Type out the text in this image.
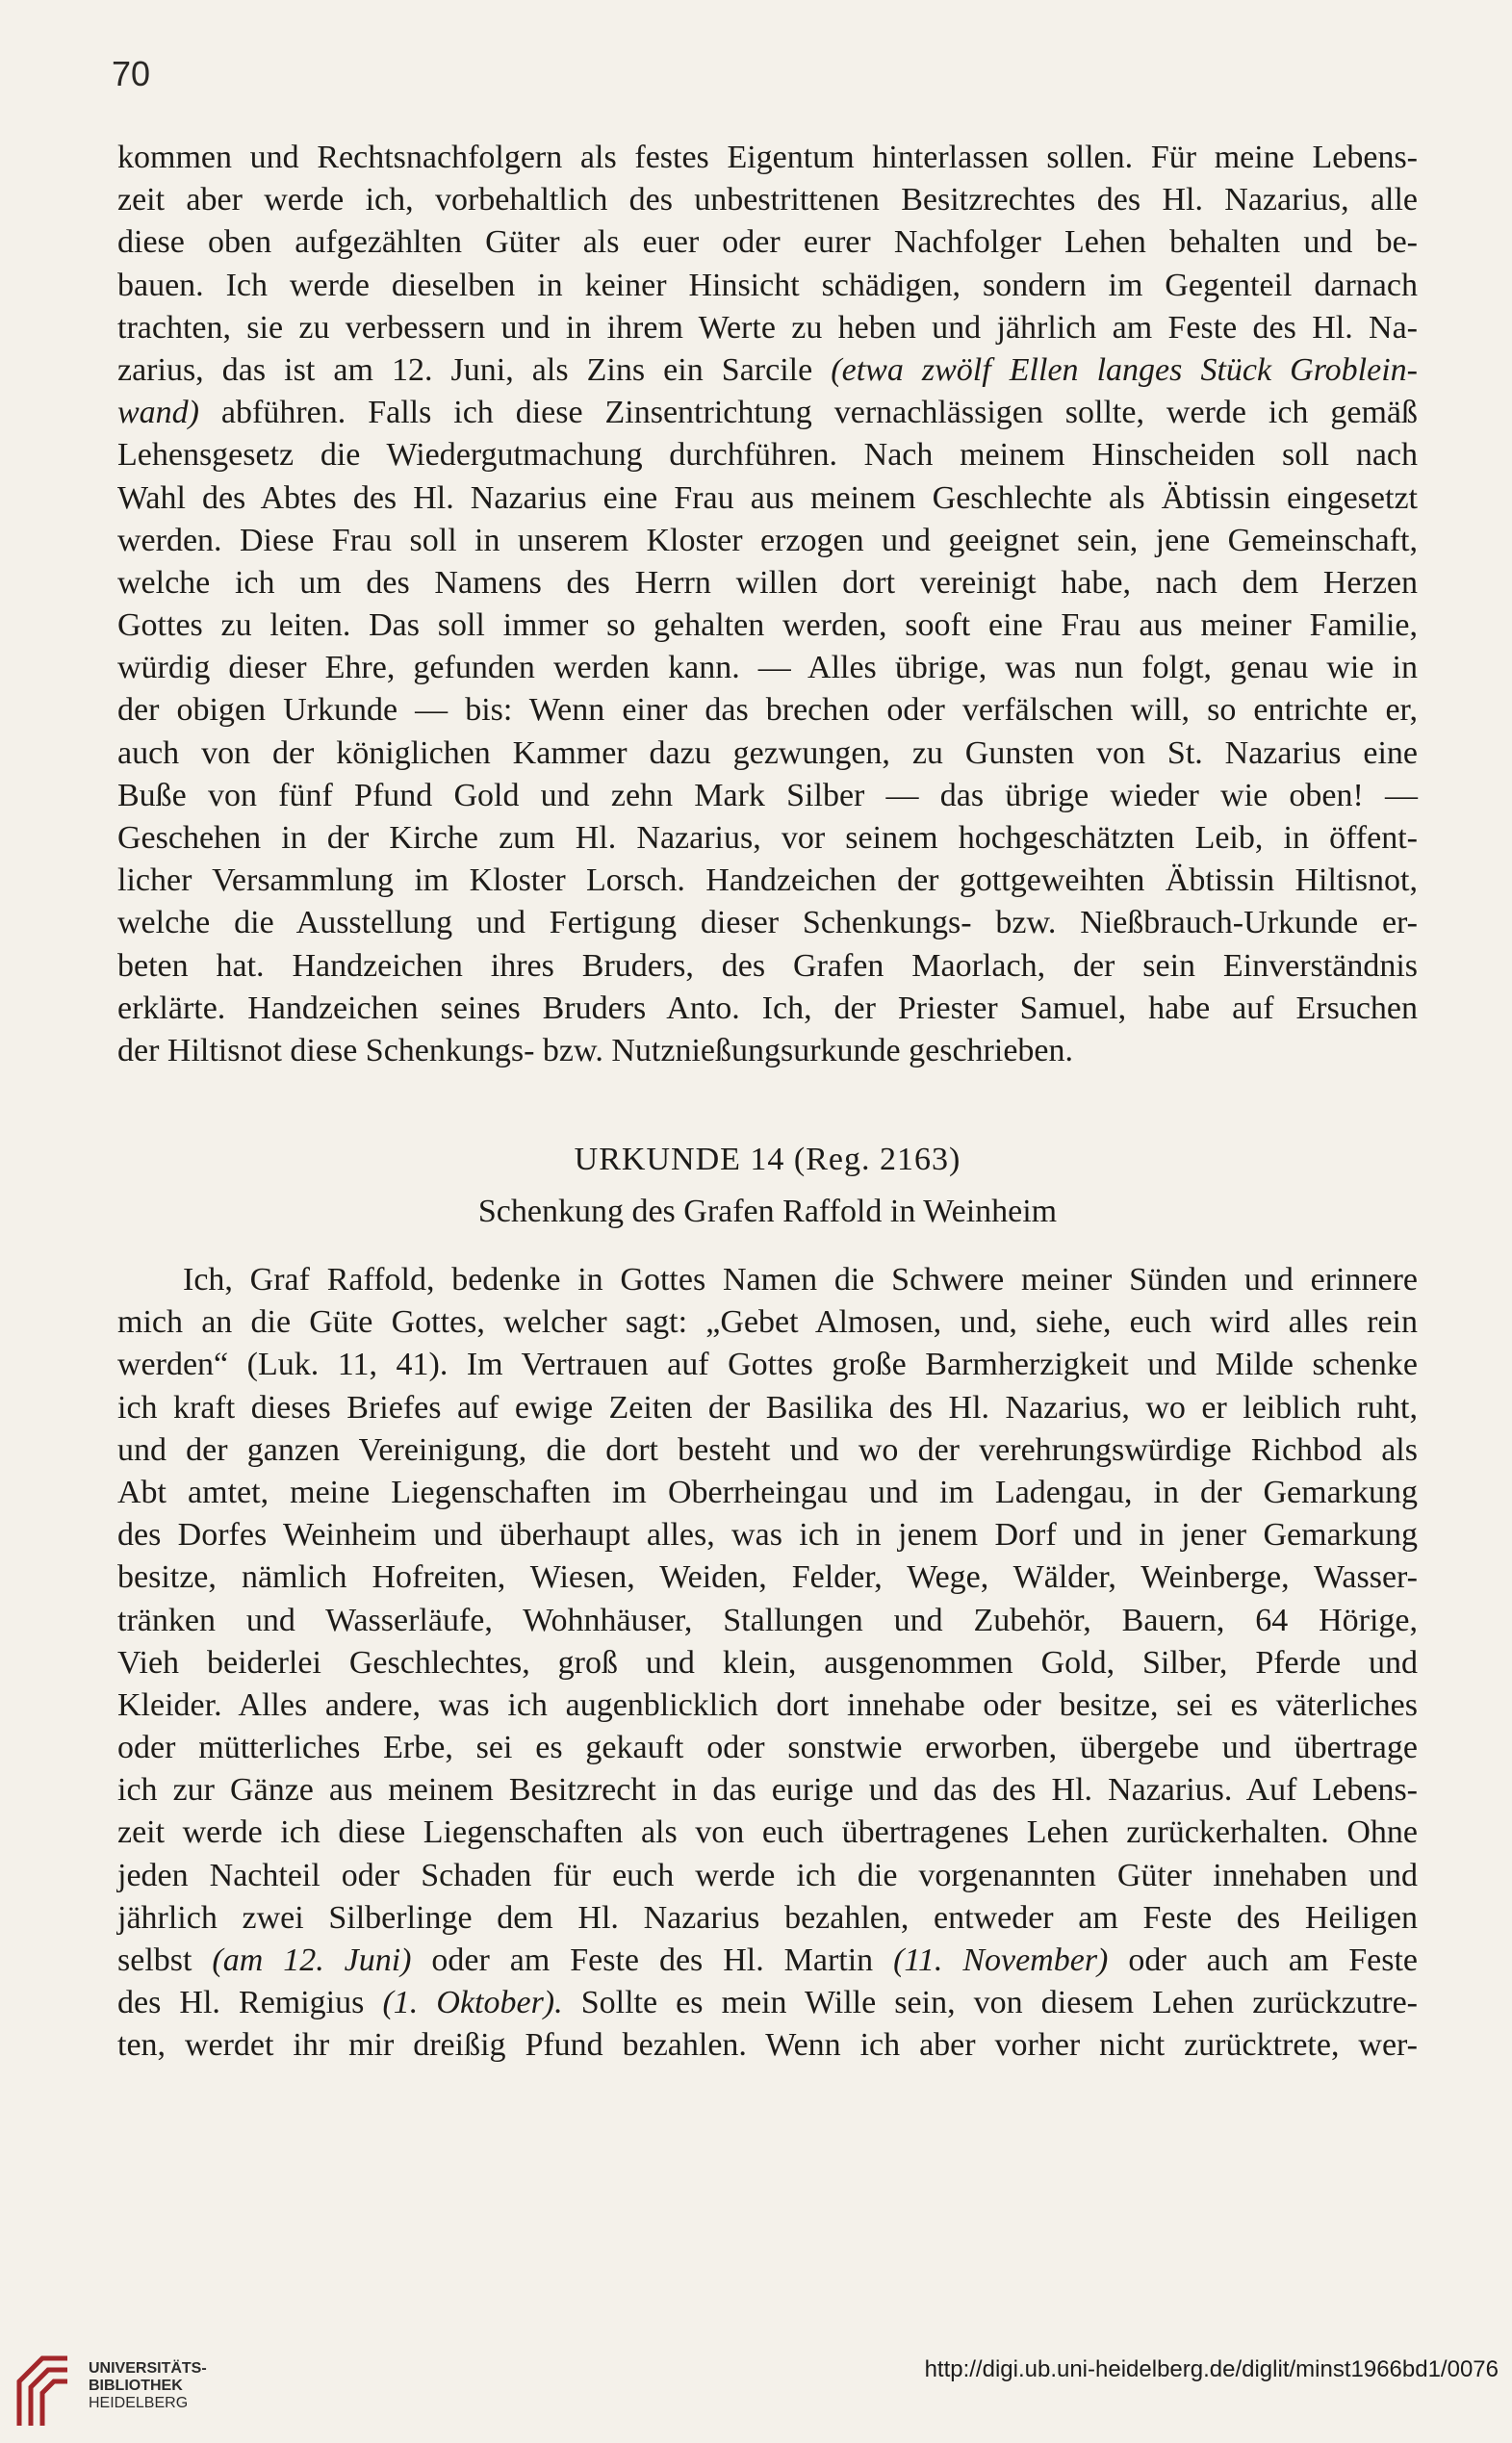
70
kommen und Rechtsnachfolgern als festes Eigentum hinterlassen sollen. Für meine Lebens-
zeit aber werde ich, vorbehaltlich des unbestrittenen Besitzrechtes des Hl. Nazarius, alle
diese oben aufgezählten Güter als euer oder eurer Nachfolger Lehen behalten und be-
bauen. Ich werde dieselben in keiner Hinsicht schädigen, sondern im Gegenteil darnach
trachten, sie zu verbessern und in ihrem Werte zu heben und jährlich am Feste des Hl. Na-
zarius, das ist am 12. Juni, als Zins ein Sarcile (etwa zwölf Ellen langes Stück Groblein-
wand) abführen. Falls ich diese Zinsentrichtung vernachlässigen sollte, werde ich gemäß
Lehensgesetz die Wiedergutmachung durchführen. Nach meinem Hinscheiden soll nach
Wahl des Abtes des Hl. Nazarius eine Frau aus meinem Geschlechte als Äbtissin eingesetzt
werden. Diese Frau soll in unserem Kloster erzogen und geeignet sein, jene Gemeinschaft,
welche ich um des Namens des Herrn willen dort vereinigt habe, nach dem Herzen
Gottes zu leiten. Das soll immer so gehalten werden, sooft eine Frau aus meiner Familie,
würdig dieser Ehre, gefunden werden kann. — Alles übrige, was nun folgt, genau wie in
der obigen Urkunde — bis: Wenn einer das brechen oder verfälschen will, so entrichte er,
auch von der königlichen Kammer dazu gezwungen, zu Gunsten von St. Nazarius eine
Buße von fünf Pfund Gold und zehn Mark Silber — das übrige wieder wie oben! —
Geschehen in der Kirche zum Hl. Nazarius, vor seinem hochgeschätzten Leib, in öffent-
licher Versammlung im Kloster Lorsch. Handzeichen der gottgeweihten Äbtissin Hiltisnot,
welche die Ausstellung und Fertigung dieser Schenkungs- bzw. Nießbrauch-Urkunde er-
beten hat. Handzeichen ihres Bruders, des Grafen Maorlach, der sein Einverständnis
erklärte. Handzeichen seines Bruders Anto. Ich, der Priester Samuel, habe auf Ersuchen
der Hiltisnot diese Schenkungs- bzw. Nutznießungsurkunde geschrieben.
URKUNDE 14 (Reg. 2163)
Schenkung des Grafen Raffold in Weinheim
Ich, Graf Raffold, bedenke in Gottes Namen die Schwere meiner Sünden und erinnere
mich an die Güte Gottes, welcher sagt: „Gebet Almosen, und, siehe, euch wird alles rein
werden“ (Luk. 11, 41). Im Vertrauen auf Gottes große Barmherzigkeit und Milde schenke
ich kraft dieses Briefes auf ewige Zeiten der Basilika des Hl. Nazarius, wo er leiblich ruht,
und der ganzen Vereinigung, die dort besteht und wo der verehrungswürdige Richbod als
Abt amtet, meine Liegenschaften im Oberrheingau und im Ladengau, in der Gemarkung
des Dorfes Weinheim und überhaupt alles, was ich in jenem Dorf und in jener Gemarkung
besitze, nämlich Hofreiten, Wiesen, Weiden, Felder, Wege, Wälder, Weinberge, Wasser-
tränken und Wasserläufe, Wohnhäuser, Stallungen und Zubehör, Bauern, 64 Hörige,
Vieh beiderlei Geschlechtes, groß und klein, ausgenommen Gold, Silber, Pferde und
Kleider. Alles andere, was ich augenblicklich dort innehabe oder besitze, sei es väterliches
oder mütterliches Erbe, sei es gekauft oder sonstwie erworben, übergebe und übertrage
ich zur Gänze aus meinem Besitzrecht in das eurige und das des Hl. Nazarius. Auf Lebens-
zeit werde ich diese Liegenschaften als von euch übertragenes Lehen zurückerhalten. Ohne
jeden Nachteil oder Schaden für euch werde ich die vorgenannten Güter innehaben und
jährlich zwei Silberlinge dem Hl. Nazarius bezahlen, entweder am Feste des Heiligen
selbst (am 12. Juni) oder am Feste des Hl. Martin (11. November) oder auch am Feste
des Hl. Remigius (1. Oktober). Sollte es mein Wille sein, von diesem Lehen zurückzutre-
ten, werdet ihr mir dreißig Pfund bezahlen. Wenn ich aber vorher nicht zurücktrete, wer-
UNIVERSITÄTS-
BIBLIOTHEK
HEIDELBERG
http://digi.ub.uni-heidelberg.de/diglit/minst1966bd1/0076
